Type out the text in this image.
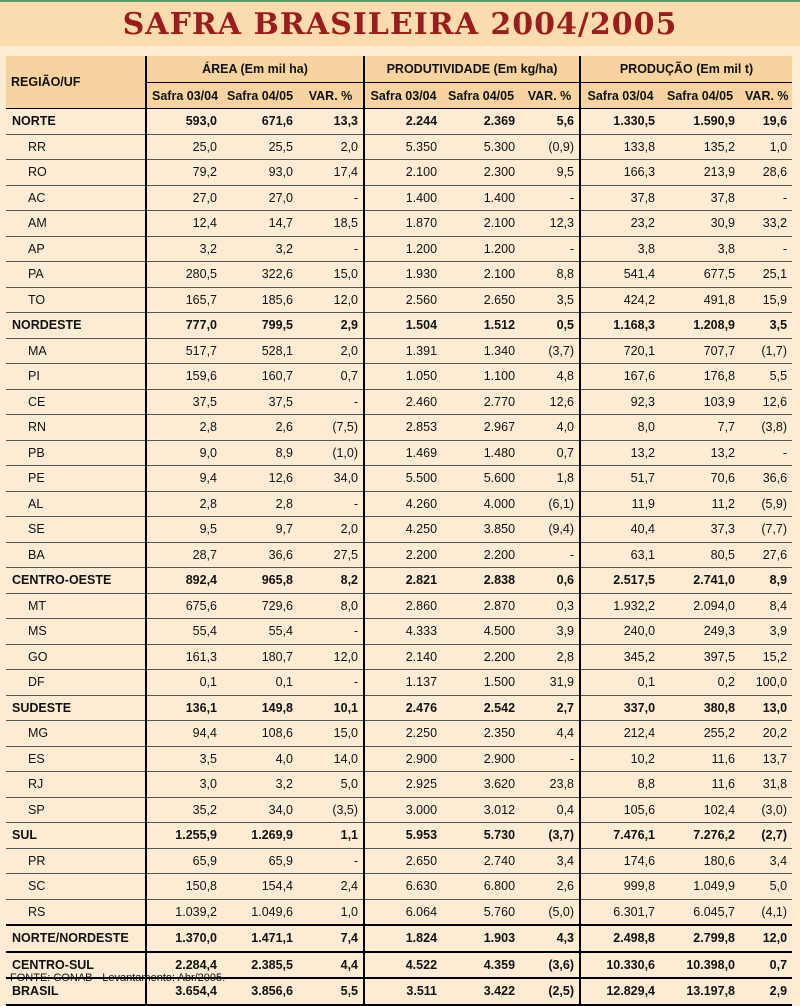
SAFRA BRASILEIRA 2004/2005
REGIÃO/UF	ÁREA (Em mil ha)			PRODUTIVIDADE (Em kg/ha)			PRODUÇÃO (Em mil t)		
	Safra 03/04	Safra 04/05	VAR. %	Safra 03/04	Safra 04/05	VAR. %	Safra 03/04	Safra 04/05	VAR. %
NORTE	593,0	671,6	13,3	2.244	2.369	5,6	1.330,5	1.590,9	19,6
RR	25,0	25,5	2,0	5.350	5.300	(0,9)	133,8	135,2	1,0
RO	79,2	93,0	17,4	2.100	2.300	9,5	166,3	213,9	28,6
AC	27,0	27,0	-	1.400	1.400	-	37,8	37,8	-
AM	12,4	14,7	18,5	1.870	2.100	12,3	23,2	30,9	33,2
AP	3,2	3,2	-	1.200	1.200	-	3,8	3,8	-
PA	280,5	322,6	15,0	1.930	2.100	8,8	541,4	677,5	25,1
TO	165,7	185,6	12,0	2.560	2.650	3,5	424,2	491,8	15,9
NORDESTE	777,0	799,5	2,9	1.504	1.512	0,5	1.168,3	1.208,9	3,5
MA	517,7	528,1	2,0	1.391	1.340	(3,7)	720,1	707,7	(1,7)
PI	159,6	160,7	0,7	1.050	1.100	4,8	167,6	176,8	5,5
CE	37,5	37,5	-	2.460	2.770	12,6	92,3	103,9	12,6
RN	2,8	2,6	(7,5)	2.853	2.967	4,0	8,0	7,7	(3,8)
PB	9,0	8,9	(1,0)	1.469	1.480	0,7	13,2	13,2	-
PE	9,4	12,6	34,0	5.500	5.600	1,8	51,7	70,6	36,6
AL	2,8	2,8	-	4.260	4.000	(6,1)	11,9	11,2	(5,9)
SE	9,5	9,7	2,0	4.250	3.850	(9,4)	40,4	37,3	(7,7)
BA	28,7	36,6	27,5	2.200	2.200	-	63,1	80,5	27,6
CENTRO-OESTE	892,4	965,8	8,2	2.821	2.838	0,6	2.517,5	2.741,0	8,9
MT	675,6	729,6	8,0	2.860	2.870	0,3	1.932,2	2.094,0	8,4
MS	55,4	55,4	-	4.333	4.500	3,9	240,0	249,3	3,9
GO	161,3	180,7	12,0	2.140	2.200	2,8	345,2	397,5	15,2
DF	0,1	0,1	-	1.137	1.500	31,9	0,1	0,2	100,0
SUDESTE	136,1	149,8	10,1	2.476	2.542	2,7	337,0	380,8	13,0
MG	94,4	108,6	15,0	2.250	2.350	4,4	212,4	255,2	20,2
ES	3,5	4,0	14,0	2.900	2.900	-	10,2	11,6	13,7
RJ	3,0	3,2	5,0	2.925	3.620	23,8	8,8	11,6	31,8
SP	35,2	34,0	(3,5)	3.000	3.012	0,4	105,6	102,4	(3,0)
SUL	1.255,9	1.269,9	1,1	5.953	5.730	(3,7)	7.476,1	7.276,2	(2,7)
PR	65,9	65,9	-	2.650	2.740	3,4	174,6	180,6	3,4
SC	150,8	154,4	2,4	6.630	6.800	2,6	999,8	1.049,9	5,0
RS	1.039,2	1.049,6	1,0	6.064	5.760	(5,0)	6.301,7	6.045,7	(4,1)
NORTE/NORDESTE	1.370,0	1.471,1	7,4	1.824	1.903	4,3	2.498,8	2.799,8	12,0
CENTRO-SUL	2.284,4	2.385,5	4,4	4.522	4.359	(3,6)	10.330,6	10.398,0	0,7
BRASIL	3.654,4	3.856,6	5,5	3.511	3.422	(2,5)	12.829,4	13.197,8	2,9
FONTE: CONAB - Levantamento: Abr/2005.
